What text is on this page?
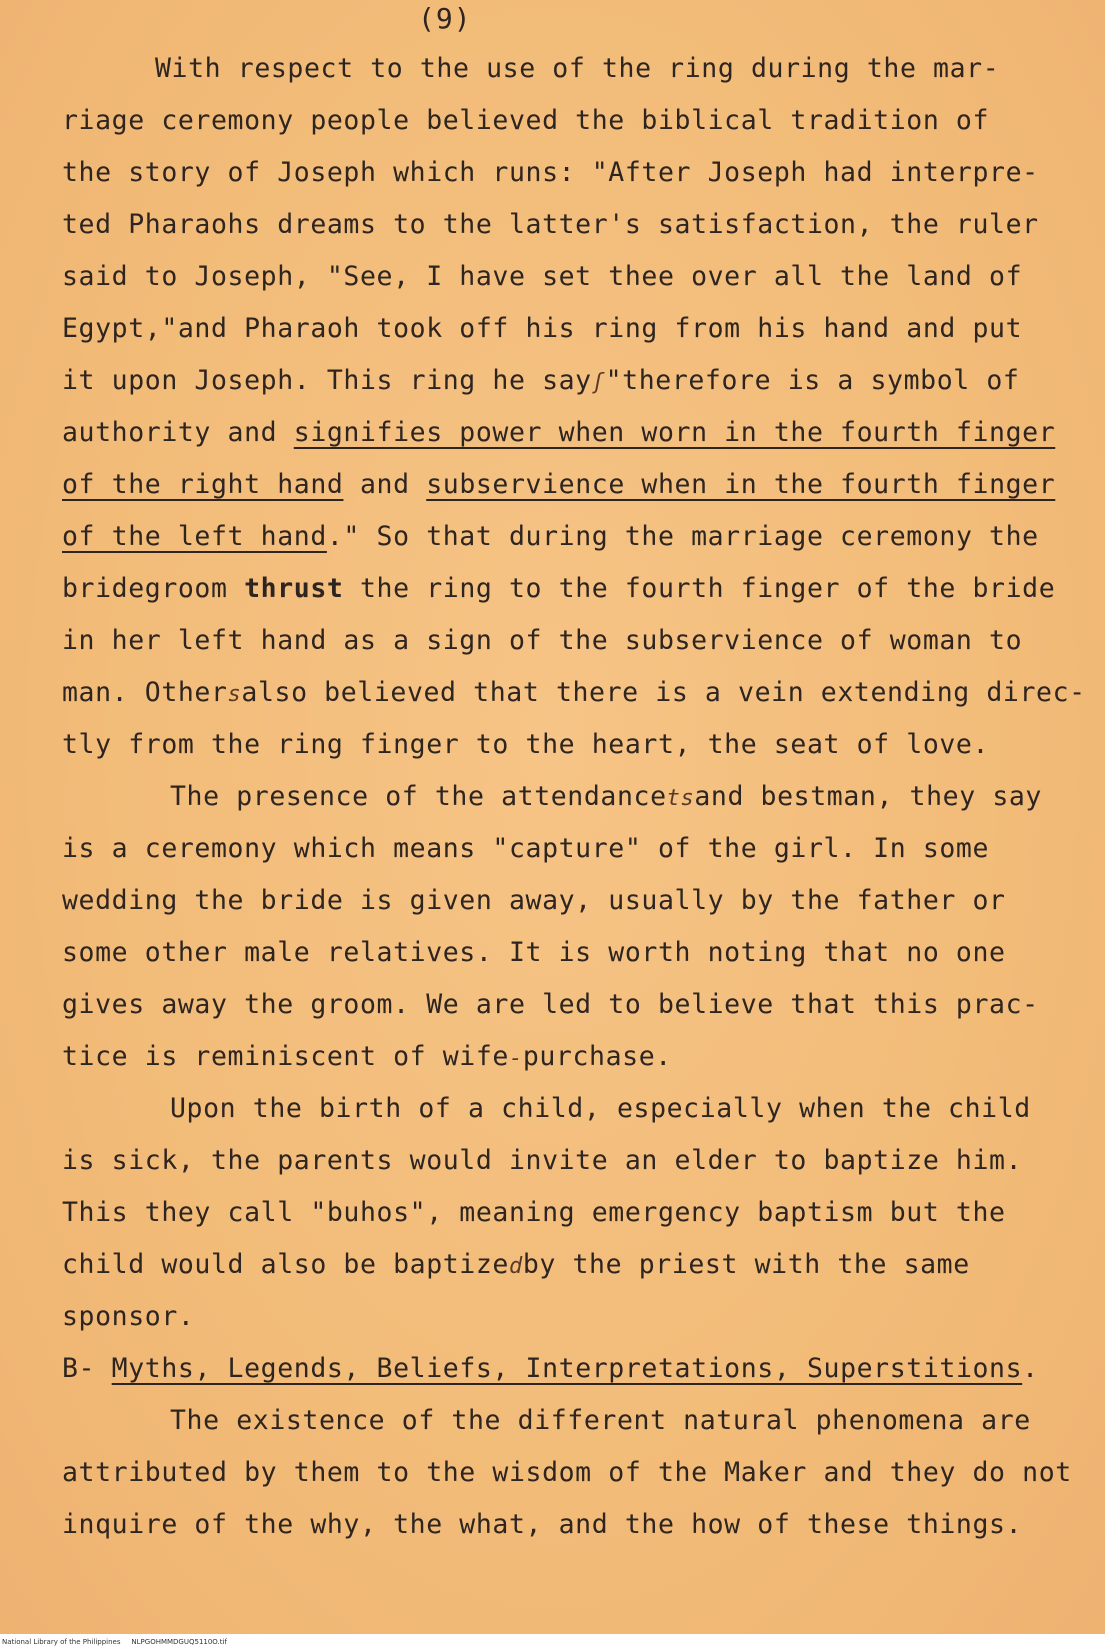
(9)
With respect to the use of the ring during the mar-
riage ceremony people believed the biblical tradition of
the story of Joseph which runs: "After Joseph had interpre-
ted Pharaohs dreams to the latter's satisfaction, the ruler
said to Joseph, "See, I have set thee over all the land of
Egypt,"and Pharaoh took off his ring from his hand and put
it upon Joseph. This ring he sayʃ"therefore is a symbol of
authority and signifies power when worn in the fourth finger
of the right hand and subservience when in the fourth finger
of the left hand." So that during the marriage ceremony the
bridegroom thrust the ring to the fourth finger of the bride
in her left hand as a sign of the subservience of woman to
man. Othersalso believed that there is a vein extending direc-
tly from the ring finger to the heart, the seat of love.
The presence of the attendancetsand bestman, they say
is a ceremony which means "capture" of the girl. In some
wedding the bride is given away, usually by the father or
some other male relatives. It is worth noting that no one
gives away the groom. We are led to believe that this prac-
tice is reminiscent of wife-purchase.
Upon the birth of a child, especially when the child
is sick, the parents would invite an elder to baptize him.
This they call "buhos", meaning emergency baptism but the
child would also be baptizedby the priest with the same
sponsor.
B- Myths, Legends, Beliefs, Interpretations, Superstitions.
The existence of the different natural phenomena are
attributed by them to the wisdom of the Maker and they do not
inquire of the why, the what, and the how of these things.
National Library of the Philippines NLPGOHMMDGUQ5110O.tif
